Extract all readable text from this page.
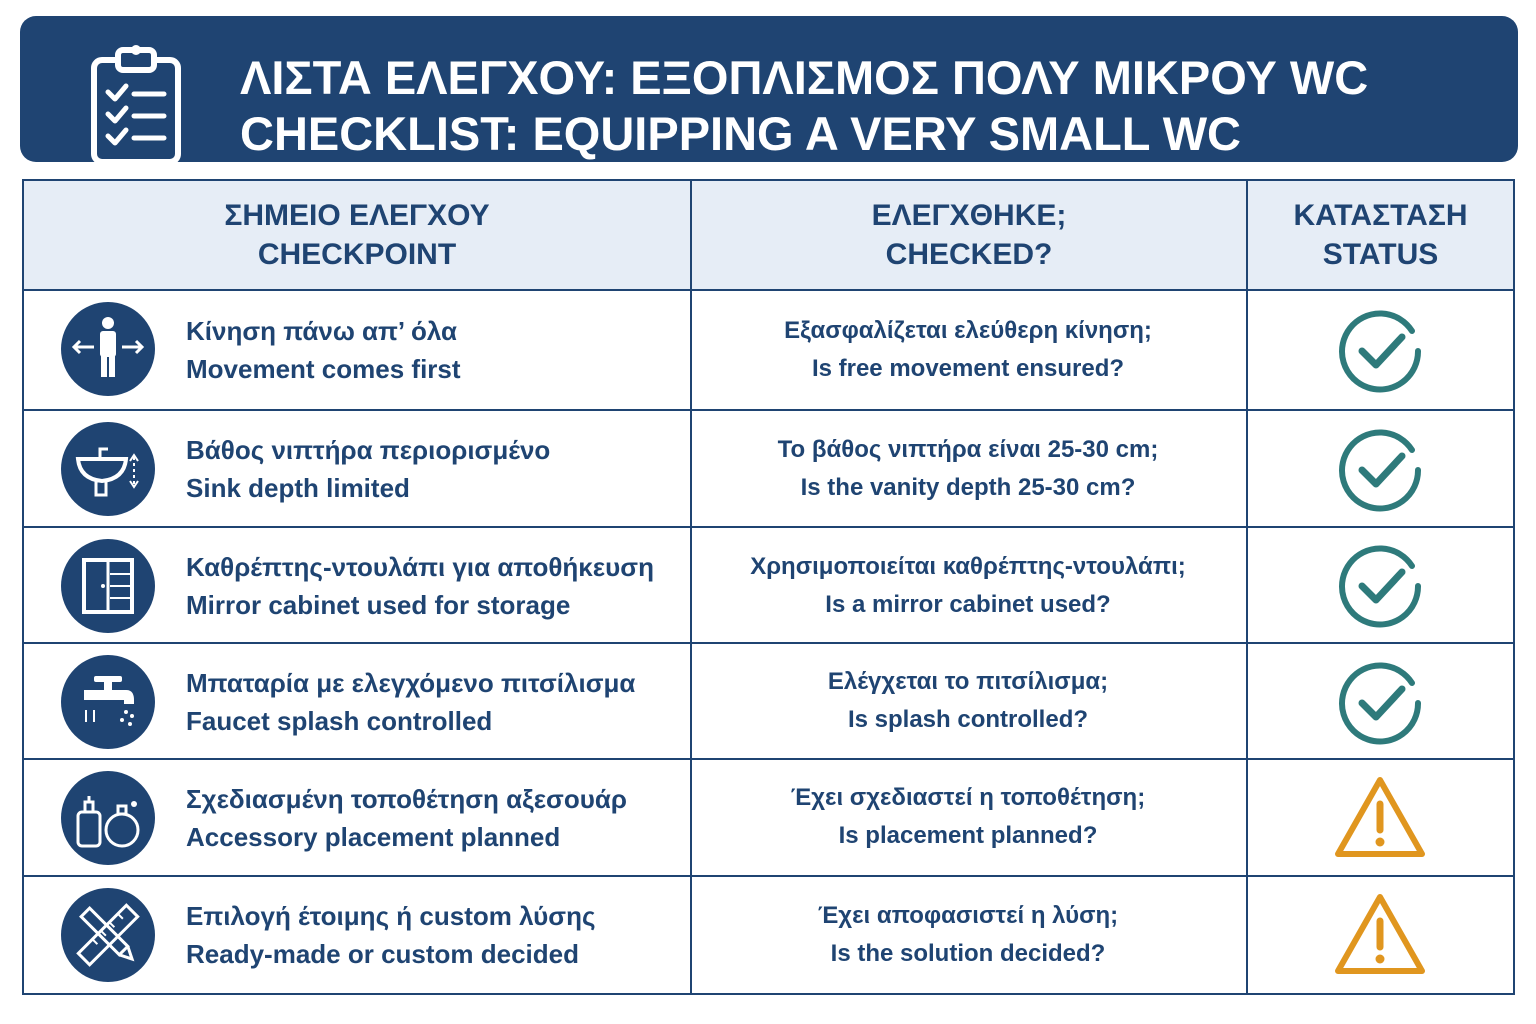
ΛΙΣΤΑ ΕΛΕΓΧΟΥ: ΕΞΟΠΛΙΣΜΟΣ ΠΟΛΥ ΜΙΚΡΟΥ WC
CHECKLIST: EQUIPPING A VERY SMALL WC
ΣΗΜΕΙΟ ΕΛΕΓΧΟΥ
CHECKPOINT
ΕΛΕΓΧΘΗΚΕ;
CHECKED?
ΚΑΤΑΣΤΑΣΗ
STATUS
Κίνηση πάνω απ’ όλα
Movement comes first
Εξασφαλίζεται ελεύθερη κίνηση;
Is free movement ensured?
Βάθος νιπτήρα περιορισμένο
Sink depth limited
Το βάθος νιπτήρα είναι 25-30 cm;
Is the vanity depth 25-30 cm?
Καθρέπτης-ντουλάπι για αποθήκευση
Mirror cabinet used for storage
Χρησιμοποιείται καθρέπτης-ντουλάπι;
Is a mirror cabinet used?
Μπαταρία με ελεγχόμενο πιτσίλισμα
Faucet splash controlled
Ελέγχεται το πιτσίλισμα;
Is splash controlled?
Σχεδιασμένη τοποθέτηση αξεσουάρ
Accessory placement planned
Έχει σχεδιαστεί η τοποθέτηση;
Is placement planned?
Επιλογή έτοιμης ή custom λύσης
Ready-made or custom decided
Έχει αποφασιστεί η λύση;
Is the solution decided?
